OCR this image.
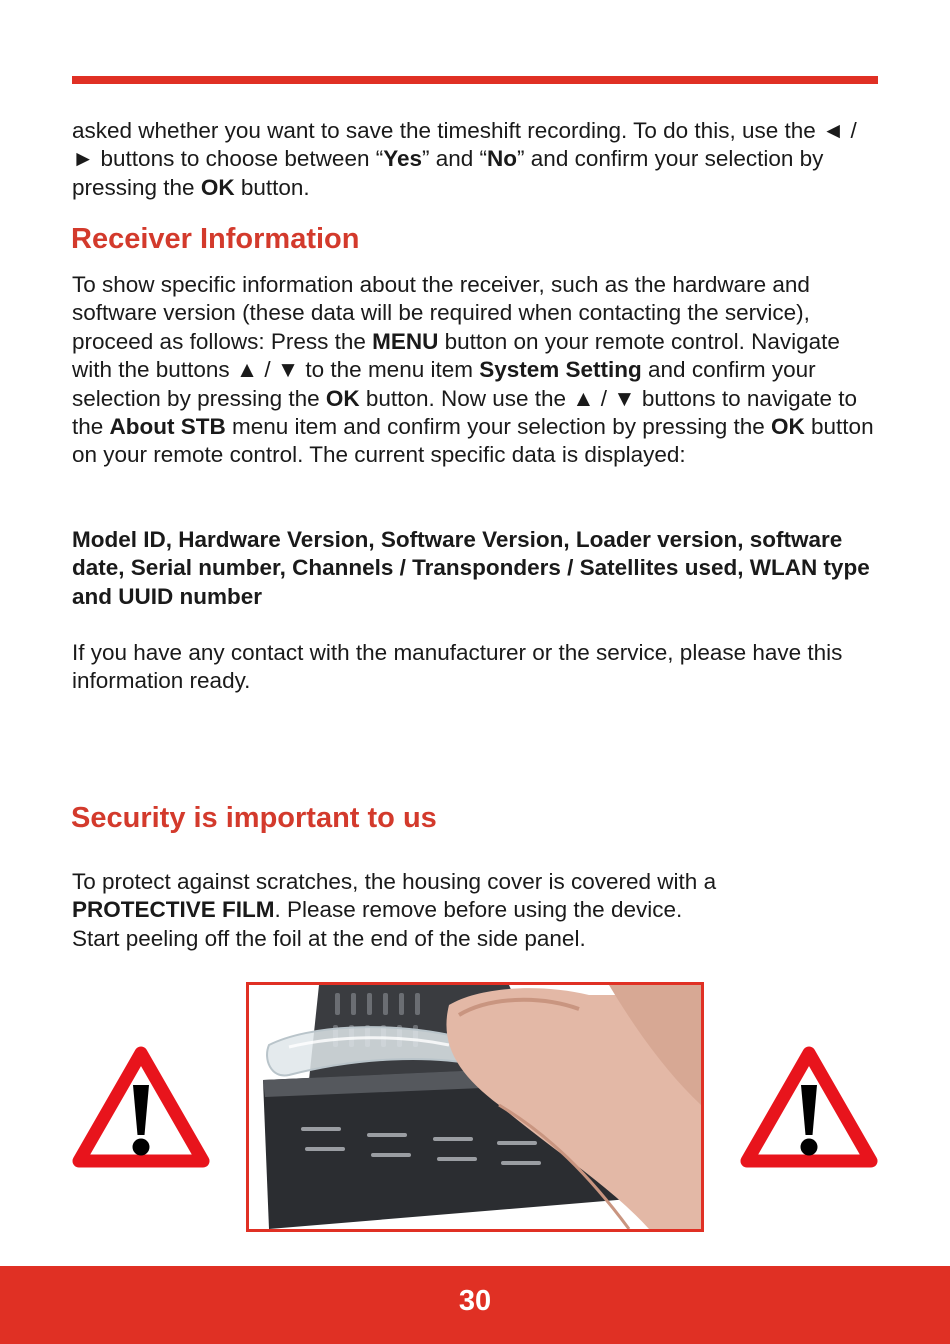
asked whether you want to save the timeshift recording. To do this, use the ◄ / ► buttons to choose between “Yes” and “No” and confirm your selection by pressing the OK button.

Receiver Information

To show specific information about the receiver, such as the hardware and software version (these data will be required when contacting the service), proceed as follows: Press the MENU button on your remote control. Navigate with the buttons ▲ / ▼ to the menu item System Setting and confirm your selection by pressing the OK button. Now use the ▲ / ▼ buttons to navigate to the About STB menu item and confirm your selection by pressing the OK button on your remote control. The current specific data is displayed:

Model ID, Hardware Version, Software Version, Loader version, software date, Serial number, Channels / Transponders / Satellites used, WLAN type and UUID number

If you have any contact with the manufacturer or the service, please have this information ready.

Security is important to us

To protect against scratches, the housing cover is covered with a
PROTECTIVE FILM. Please remove before using the device.
Start peeling off the foil at the end of the side panel.

30
